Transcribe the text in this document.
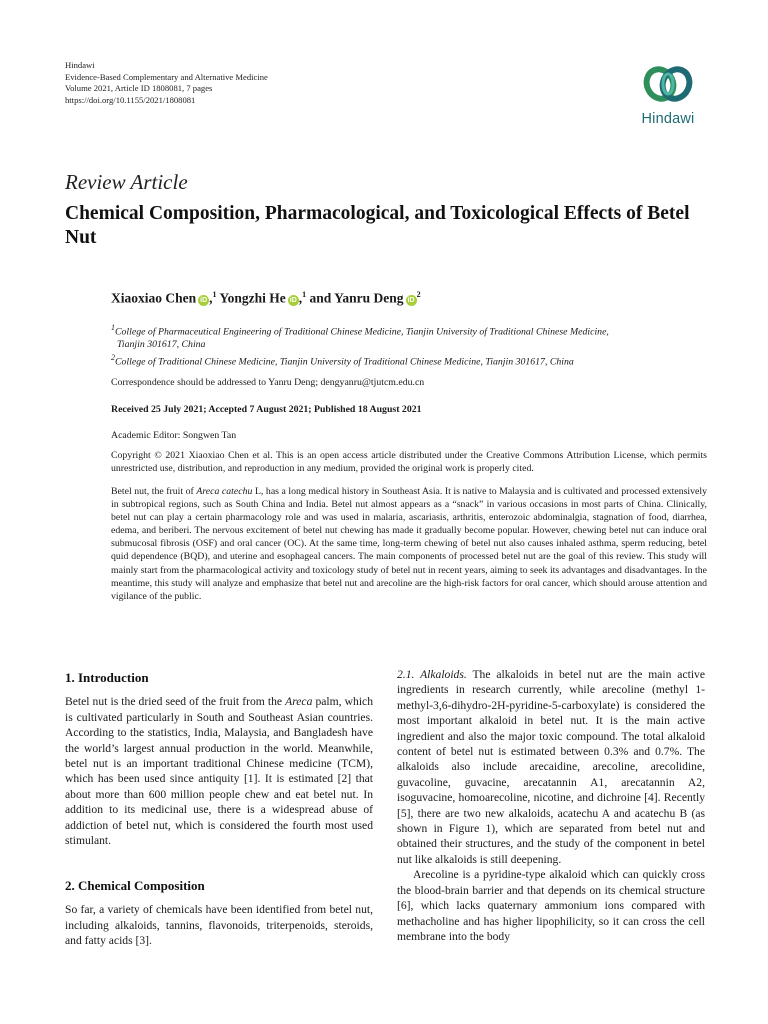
Hindawi
Evidence-Based Complementary and Alternative Medicine
Volume 2021, Article ID 1808081, 7 pages
https://doi.org/10.1155/2021/1808081
Hindawi
Review Article
Chemical Composition, Pharmacological, and Toxicological Effects of Betel Nut
Xiaoxiao Chen iD ,$^1$ Yongzhi He iD ,$^1$ and Yanru Deng $iD^2$
$^1$College of Pharmaceutical Engineering of Traditional Chinese Medicine, Tianjin University of Traditional Chinese Medicine,
Tianjin 301617, China
$^2$College of Traditional Chinese Medicine, Tianjin University of Traditional Chinese Medicine, Tianjin 301617, China
Correspondence should be addressed to Yanru Deng; dengyanru@tjutcm.edu.cn
Received 25 July 2021; Accepted 7 August 2021; Published 18 August 2021
Academic Editor: Songwen Tan
Copyright © 2021 Xiaoxiao Chen et al. This is an open access article distributed under the Creative Commons Attribution License, which permits unrestricted use, distribution, and reproduction in any medium, provided the original work is properly cited.
Betel nut, the fruit of Areca catechu L, has a long medical history in Southeast Asia. It is native to Malaysia and is cultivated and processed extensively in subtropical regions, such as South China and India. Betel nut almost appears as a “snack” in various occasions in most parts of China. Clinically, betel nut can play a certain pharmacology role and was used in malaria, ascariasis, arthritis, enterozoic abdominalgia, stagnation of food, diarrhea, edema, and beriberi. The nervous excitement of betel nut chewing has made it gradually become popular. However, chewing betel nut can induce oral submucosal fibrosis (OSF) and oral cancer (OC). At the same time, long-term chewing of betel nut also causes inhaled asthma, sperm reducing, betel quid dependence (BQD), and uterine and esophageal cancers. The main components of processed betel nut are the goal of this review. This study will mainly start from the pharmacological activity and toxicology study of betel nut in recent years, aiming to seek its advantages and disadvantages. In the meantime, this study will analyze and emphasize that betel nut and arecoline are the high-risk factors for oral cancer, which should arouse attention and vigilance of the public.
1. Introduction
Betel nut is the dried seed of the fruit from the Areca palm, which is cultivated particularly in South and Southeast Asian countries. According to the statistics, India, Malaysia, and Bangladesh have the world’s largest annual production in the world. Meanwhile, betel nut is an important traditional Chinese medicine (TCM), which has been used since antiquity [1]. It is estimated [2] that about more than 600 million people chew and eat betel nut. In addition to its medicinal use, there is a widespread abuse of addiction of betel nut, which is considered the fourth most used stimulant.
2. Chemical Composition
So far, a variety of chemicals have been identified from betel nut, including alkaloids, tannins, flavonoids, triterpenoids, steroids, and fatty acids [3].
2.1. Alkaloids. The alkaloids in betel nut are the main active ingredients in research currently, while arecoline (methyl 1-methyl-3,6-dihydro-2H-pyridine-5-carboxylate) is considered the most important alkaloid in betel nut. It is the main active ingredient and also the major toxic compound. The total alkaloid content of betel nut is estimated between 0.3% and 0.7%. The alkaloids also include arecaidine, arecoline, arecolidine, guvacoline, guvacine, arecatannin A1, arecatannin A2, isoguvacine, homoarecoline, nicotine, and dichroine [4]. Recently [5], there are two new alkaloids, acatechu A and acatechu B (as shown in Figure 1), which are separated from betel nut and obtained their structures, and the study of the component in betel nut like alkaloids is still deepening.
Arecoline is a pyridine-type alkaloid which can quickly cross the blood-brain barrier and that depends on its chemical structure [6], which lacks quaternary ammonium ions compared with methacholine and has higher lipophilicity, so it can cross the cell membrane into the body
